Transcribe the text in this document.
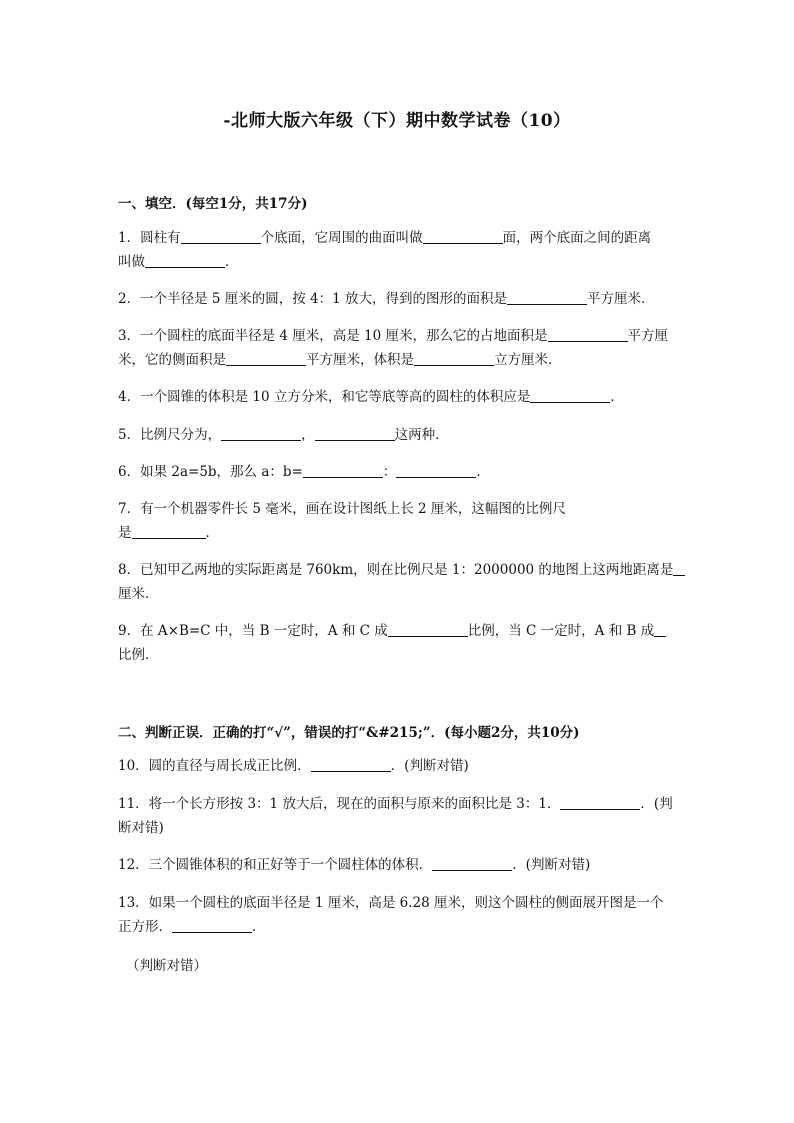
-北师大版六年级（下）期中数学试卷（10）
一、填空．(每空1分，共17分)
1．圆柱有	个底面，它周围的曲面叫做	面，两个底面之间的距离
叫做	．
2．一个半径是 5 厘米的圆，按 4：1 放大，得到的图形的面积是	平方厘米．
3．一个圆柱的底面半径是 4 厘米，高是 10 厘米，那么它的占地面积是	平方厘
米，它的侧面积是	平方厘米，体积是	立方厘米．
4．一个圆锥的体积是 10 立方分米，和它等底等高的圆柱的体积应是	．
5．比例尺分为，	，	这两种．
6．如果 2a=5b，那么 a：b=	：	．
7．有一个机器零件长 5 毫米，画在设计图纸上长 2 厘米，这幅图的比例尺
是	．
8．已知甲乙两地的实际距离是 760km，则在比例尺是 1：2000000 的地图上这两地距离是
厘米．
9．在 A×B=C 中，当 B 一定时，A 和 C 成	比例，当 C 一定时，A 和 B 成
比例．
二、判断正误．正确的打“√”，错误的打“&#215;”．(每小题2分，共10分)
10．圆的直径与周长成正比例．	．(判断对错)
11．将一个长方形按 3：1 放大后，现在的面积与原来的面积比是 3：1．	．(判
断对错)
12．三个圆锥体积的和正好等于一个圆柱体的体积．	．(判断对错)
13．如果一个圆柱的底面半径是 1 厘米，高是 6.28 厘米，则这个圆柱的侧面展开图是一个
正方形．	．
（判断对错）
